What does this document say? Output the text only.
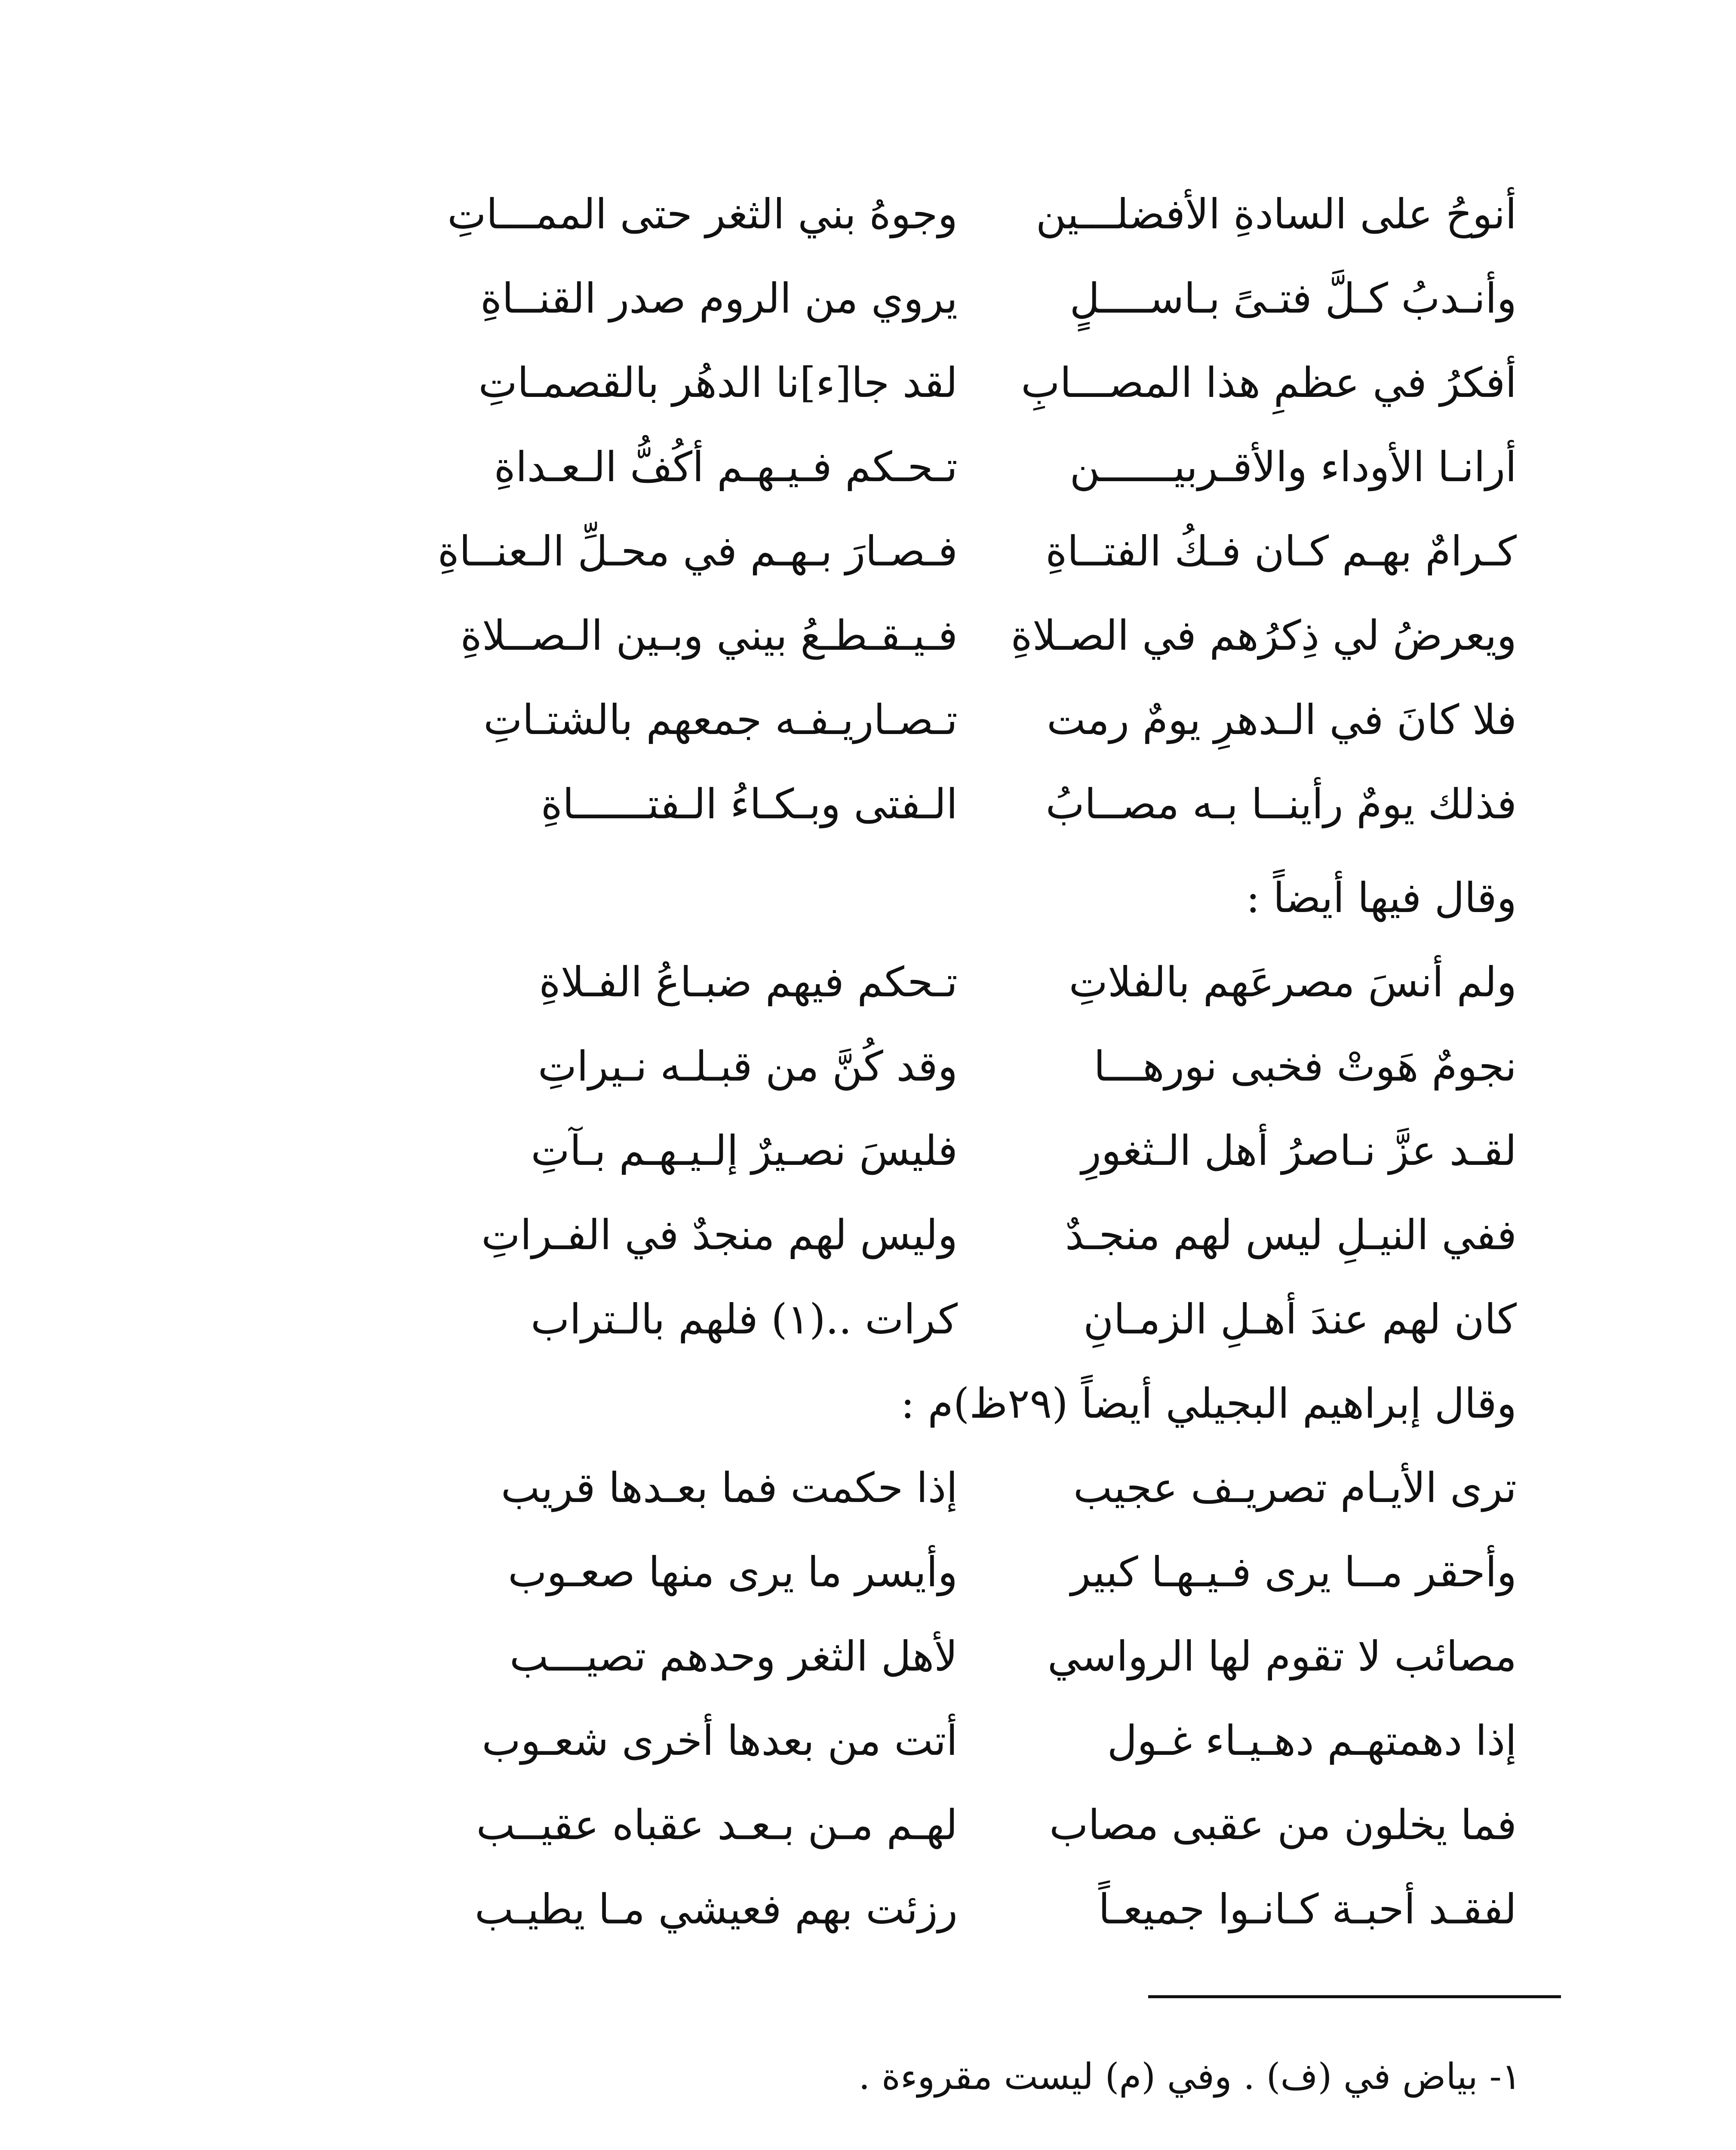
أنوحُ على السادةِ الأفضلـــين
وجوهُ بني الثغر حتى الممـــاتِ
وأنـدبُ كـلَّ فتـىً بـاســــلٍ
يروي من الروم صدر القنــاةِ
أفكرُ في عظمِ هذا المصـــابِ
لقد جا[ء]نا الدهُر بالقصمـاتِ
أرانـا الأوداء والأقـربيــــــن
تـحـكم فـيـهـم أكُفُّ الـعـداةِ
كـرامٌ بهـم كـان فـكُ الفتــاةِ
فـصـارَ بـهـم في محـلِّ الـعنــاةِ
ويعرضُ لي ذِكرُهم في الصـلاةِ
فـيـقـطـعُ بيني وبـين الـصــلاةِ
فلا كانَ في الـدهرِ يومٌ رمت
تـصـاريـفـه جمعهم بالشتـاتِ
فذلك يومٌ رأينــا بـه مصــابُ
الـفتى وبـكـاءُ الـفتــــــاةِ
وقال فيها أيضاً :
ولم أنسَ مصرعَهم بالفلاتِ
تـحكم فيهم ضبـاعُ الفـلاةِ
نجومٌ هَوتْ فخبى نورهـــا
وقد كُنَّ من قبـلـه نـيراتِ
لقـد عزَّ نـاصرُ أهل الـثغورِ
فليسَ نصـيرٌ إلـيـهـم بـآتِ
ففي النيـلِ ليس لهم منجـدٌ
وليس لهم منجدٌ في الفـراتِ
كان لهم عندَ أهـلِ الزمـانِ
كرات ..(١) فلهم بالـتراب
وقال إبراهيم البجيلي أيضاً (٢٩ظ)م :
ترى الأيـام تصريـف عجيب
إذا حكمت فما بعـدها قريب
وأحقر مــا يرى فـيـهـا كبير
وأيسر ما يرى منها صعـوب
مصائب لا تقوم لها الرواسي
لأهل الثغر وحدهم تصيـــب
إذا دهمتهـم دهـيـاء غـول
أتت من بعدها أخرى شعـوب
فما يخلون من عقبى مصاب
لهـم مـن بـعـد عقباه عقيــب
لفقـد أحبـة كـانـوا جميعـاً
رزئت بهم فعيشي مـا يطيـب
١- بياض في (ف) . وفي (م) ليست مقروءة .
